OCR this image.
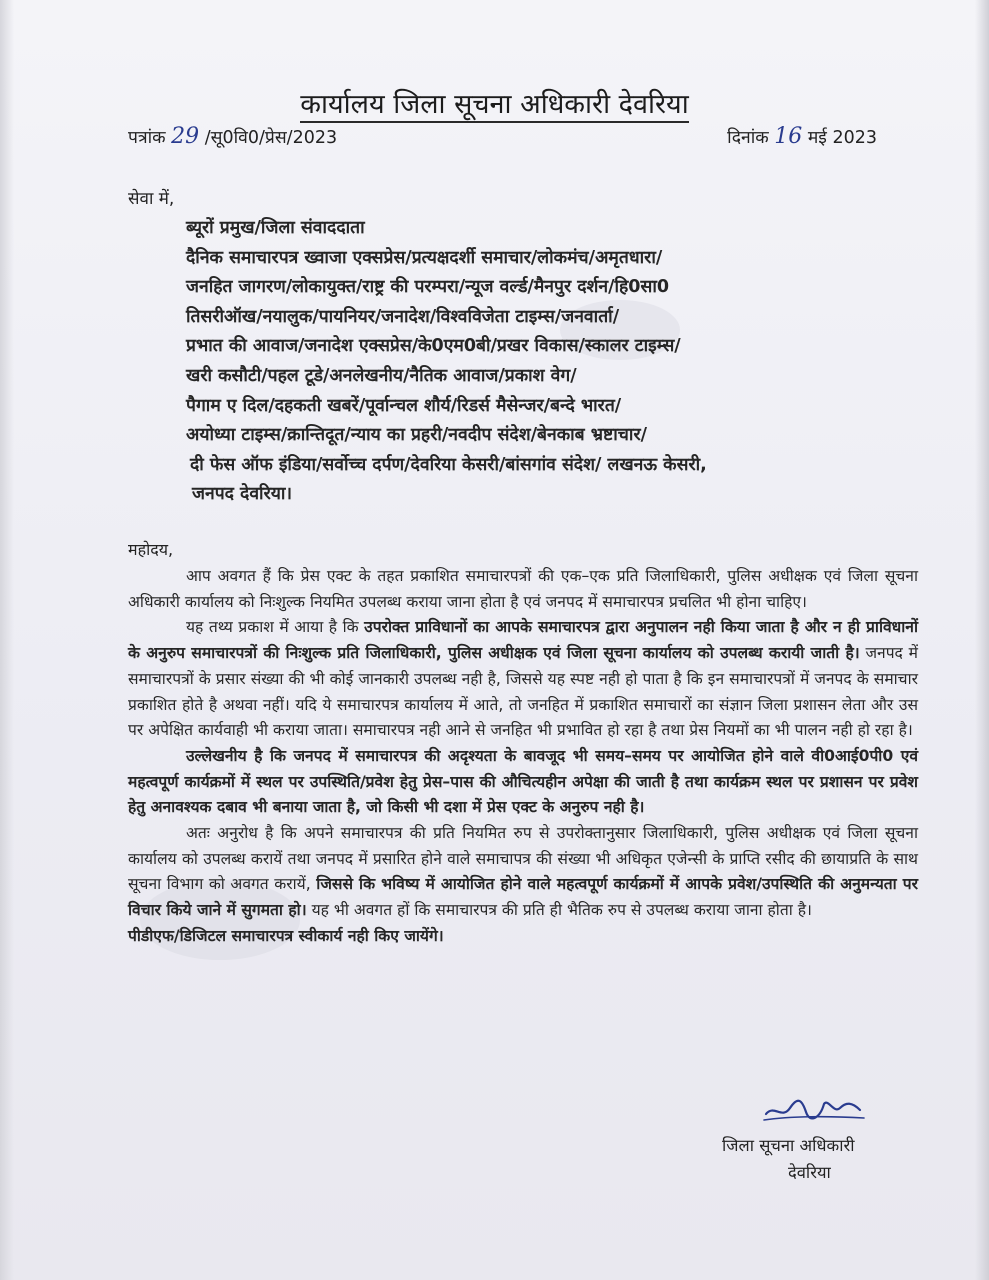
कार्यालय जिला सूचना अधिकारी देवरिया
पत्रांक 29 /सू0वि0/प्रेस/2023	दिनांक 16 मई 2023
सेवा में,
ब्यूरों प्रमुख/जिला संवाददाता
दैनिक समाचारपत्र ख्वाजा एक्सप्रेस/प्रत्यक्षदर्शी समाचार/लोकमंच/अमृतधारा/
जनहित जागरण/लोकायुक्त/राष्ट्र की परम्परा/न्यूज वर्ल्ड/मैनपुर दर्शन/हि0सा0
तिसरीऑख/नयालुक/पायनियर/जनादेश/विश्वविजेता टाइम्स/जनवार्ता/
प्रभात की आवाज/जनादेश एक्सप्रेस/के0एम0बी/प्रखर विकास/स्कालर टाइम्स/
खरी कसौटी/पहल टूडे/अनलेखनीय/नैतिक आवाज/प्रकाश वेग/
पैगाम ए दिल/दहकती खबरें/पूर्वान्चल शौर्य/रिडर्स मैसेन्जर/बन्दे भारत/
अयोध्या टाइम्स/क्रान्तिदूत/न्याय का प्रहरी/नवदीप संदेश/बेनकाब भ्रष्टाचार/
दी फेस ऑफ इंडिया/सर्वोच्च दर्पण/देवरिया केसरी/बांसगांव संदेश/ लखनऊ केसरी,
जनपद देवरिया।
महोदय,

आप अवगत हैं कि प्रेस एक्ट के तहत प्रकाशित समाचारपत्रों की एक–एक प्रति जिलाधिकारी, पुलिस अधीक्षक एवं जिला सूचना अधिकारी कार्यालय को निःशुल्क नियमित उपलब्ध कराया जाना होता है एवं जनपद में समाचारपत्र प्रचलित भी होना चाहिए।

यह तथ्य प्रकाश में आया है कि उपरोक्त प्राविधानों का आपके समाचारपत्र द्वारा अनुपालन नही किया जाता है और न ही प्राविधानों के अनुरुप समाचारपत्रों की निःशुल्क प्रति जिलाधिकारी, पुलिस अधीक्षक एवं जिला सूचना कार्यालय को उपलब्ध करायी जाती है। जनपद में समाचारपत्रों के प्रसार संख्या की भी कोई जानकारी उपलब्ध नही है, जिससे यह स्पष्ट नही हो पाता है कि इन समाचारपत्रों में जनपद के समाचार प्रकाशित होते है अथवा नहीं। यदि ये समाचारपत्र कार्यालय में आते, तो जनहित में प्रकाशित समाचारों का संज्ञान जिला प्रशासन लेता और उस पर अपेक्षित कार्यवाही भी कराया जाता। समाचारपत्र नही आने से जनहित भी प्रभावित हो रहा है तथा प्रेस नियमों का भी पालन नही हो रहा है।

उल्लेखनीय है कि जनपद में समाचारपत्र की अदृश्यता के बावजूद भी समय–समय पर आयोजित होने वाले वी0आई0पी0 एवं महत्वपूर्ण कार्यक्रमों में स्थल पर उपस्थिति/प्रवेश हेतु प्रेस–पास की औचित्यहीन अपेक्षा की जाती है तथा कार्यक्रम स्थल पर प्रशासन पर प्रवेश हेतु अनावश्यक दबाव भी बनाया जाता है, जो किसी भी दशा में प्रेस एक्ट के अनुरुप नही है।

अतः अनुरोध है कि अपने समाचारपत्र की प्रति नियमित रुप से उपरोक्तानुसार जिलाधिकारी, पुलिस अधीक्षक एवं जिला सूचना कार्यालय को उपलब्ध करायें तथा जनपद में प्रसारित होने वाले समाचापत्र की संख्या भी अधिकृत एजेन्सी के प्राप्ति रसीद की छायाप्रति के साथ सूचना विभाग को अवगत करायें, जिससे कि भविष्य में आयोजित होने वाले महत्वपूर्ण कार्यक्रमों में आपके प्रवेश/उपस्थिति की अनुमन्यता पर विचार किये जाने में सुगमता हो। यह भी अवगत हों कि समाचारपत्र की प्रति ही भैतिक रुप से उपलब्ध कराया जाना होता है।

पीडीएफ/डिजिटल समाचारपत्र स्वीकार्य नही किए जायेंगे।

जिला सूचना अधिकारी
देवरिया
